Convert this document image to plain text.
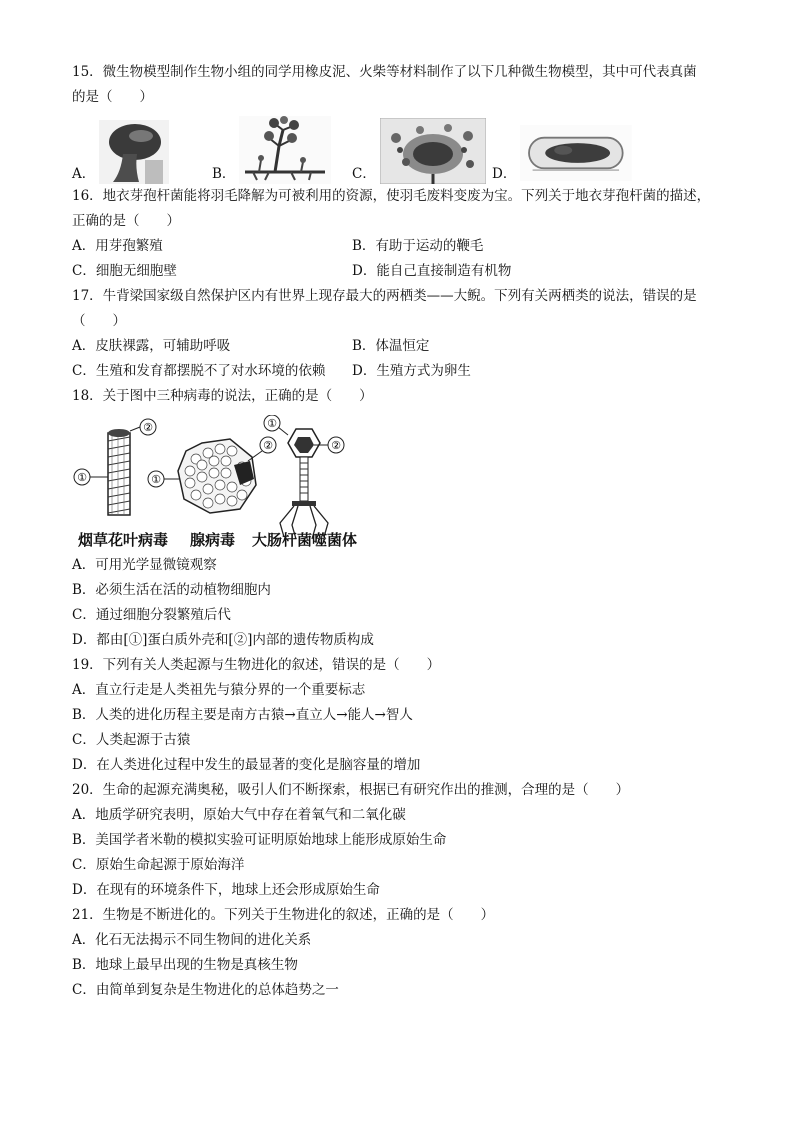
15．微生物模型制作生物小组的同学用橡皮泥、火柴等材料制作了以下几种微生物模型，其中可代表真菌
的是（　　）
A．	B．	C．	D．
16．地衣芽孢杆菌能将羽毛降解为可被利用的资源，使羽毛废料变废为宝。下列关于地衣芽孢杆菌的描述，
正确的是（　　）
A．用芽孢繁殖	B．有助于运动的鞭毛
C．细胞无细胞壁	D．能自己直接制造有机物
17．牛背梁国家级自然保护区内有世界上现存最大的两栖类——大鲵。下列有关两栖类的说法，错误的是
（　　）
A．皮肤裸露，可辅助呼吸	B．体温恒定
C．生殖和发育都摆脱不了对水环境的依赖	D．生殖方式为卵生
18．关于图中三种病毒的说法，正确的是（　　）
①
②
①
②
①
②
烟草花叶病毒 腺病毒 大肠杆菌噬菌体
A．可用光学显微镜观察
B．必须生活在活的动植物细胞内
C．通过细胞分裂繁殖后代
D．都由[①]蛋白质外壳和[②]内部的遗传物质构成
19．下列有关人类起源与生物进化的叙述，错误的是（　　）
A．直立行走是人类祖先与猿分界的一个重要标志
B．人类的进化历程主要是南方古猿→直立人→能人→智人
C．人类起源于古猿
D．在人类进化过程中发生的最显著的变化是脑容量的增加
20．生命的起源充满奥秘，吸引人们不断探索，根据已有研究作出的推测，合理的是（　　）
A．地质学研究表明，原始大气中存在着氧气和二氧化碳
B．美国学者米勒的模拟实验可证明原始地球上能形成原始生命
C．原始生命起源于原始海洋
D．在现有的环境条件下，地球上还会形成原始生命
21．生物是不断进化的。下列关于生物进化的叙述，正确的是（　　）
A．化石无法揭示不同生物间的进化关系
B．地球上最早出现的生物是真核生物
C．由简单到复杂是生物进化的总体趋势之一
